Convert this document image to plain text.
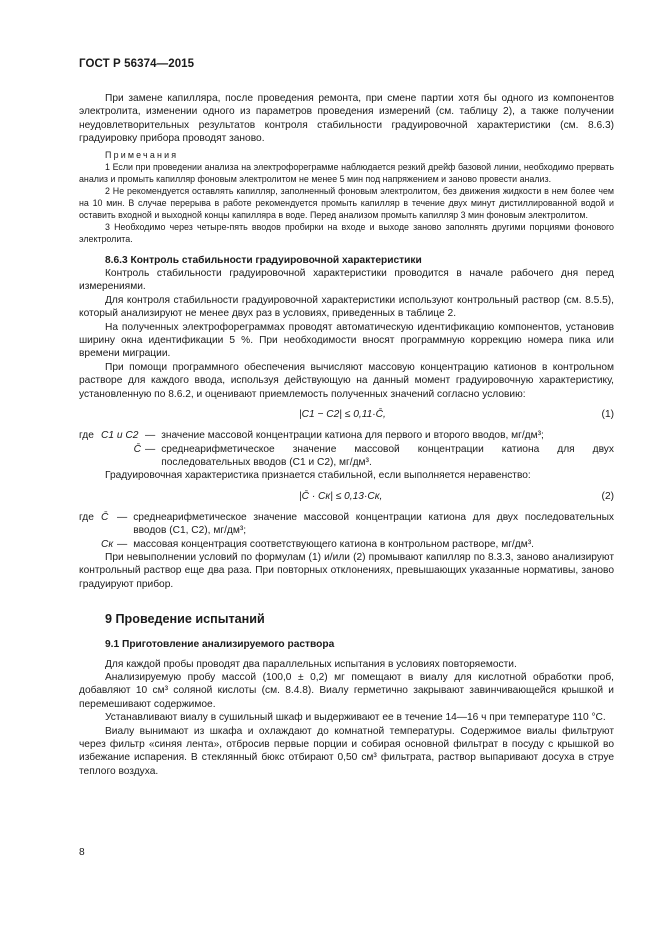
ГОСТ Р 56374—2015

При замене капилляра, после проведения ремонта, при смене партии хотя бы одного из компонентов электролита, изменении одного из параметров проведения измерений (см. таблицу 2), а также получении неудовлетворительных результатов контроля стабильности градуировочной характеристики (см. 8.6.3) градуировку прибора проводят заново.

Примечания

1 Если при проведении анализа на электрофореграмме наблюдается резкий дрейф базовой линии, необходимо прервать анализ и промыть капилляр фоновым электролитом не менее 5 мин под напряжением и заново провести анализ.

2 Не рекомендуется оставлять капилляр, заполненный фоновым электролитом, без движения жидкости в нем более чем на 10 мин. В случае перерыва в работе рекомендуется промыть капилляр в течение двух минут дистиллированной водой и оставить входной и выходной концы капилляра в воде. Перед анализом промыть капилляр 3 мин фоновым электролитом.

3 Необходимо через четыре-пять вводов пробирки на входе и выходе заново заполнять другими порциями фонового электролита.

8.6.3 Контроль стабильности градуировочной характеристики

Контроль стабильности градуировочной характеристики проводится в начале рабочего дня перед измерениями.

Для контроля стабильности градуировочной характеристики используют контрольный раствор (см. 8.5.5), который анализируют не менее двух раз в условиях, приведенных в таблице 2.

На полученных электрофореграммах проводят автоматическую идентификацию компонентов, установив ширину окна идентификации 5 %. При необходимости вносят программную коррекцию номера пика или времени миграции.

При помощи программного обеспечения вычисляют массовую концентрацию катионов в контрольном растворе для каждого ввода, используя действующую на данный момент градуировочную характеристику, установленную по 8.6.2, и оценивают приемлемость полученных значений согласно условию:

|C1 − C2| ≤ 0,11·C̄,	(1)
где C1 и C2 — значение массовой концентрации катиона для первого и второго вводов, мг/дм³;
C̄ — среднеарифметическое значение массовой концентрации катиона для двух последовательных вводов (C1 и C2), мг/дм³.

Градуировочная характеристика признается стабильной, если выполняется неравенство:

|C̄ · Cк| ≤ 0,13·Cк,	(2)
где C̄ — среднеарифметическое значение массовой концентрации катиона для двух последовательных вводов (C1, C2), мг/дм³;
Cк — массовая концентрация соответствующего катиона в контрольном растворе, мг/дм³.

При невыполнении условий по формулам (1) и/или (2) промывают капилляр по 8.3.3, заново анализируют контрольный раствор еще два раза. При повторных отклонениях, превышающих указанные нормативы, заново градуируют прибор.

9 Проведение испытаний

9.1 Приготовление анализируемого раствора

Для каждой пробы проводят два параллельных испытания в условиях повторяемости.

Анализируемую пробу массой (100,0 ± 0,2) мг помещают в виалу для кислотной обработки проб, добавляют 10 см³ соляной кислоты (см. 8.4.8). Виалу герметично закрывают завинчивающейся крышкой и перемешивают содержимое.

Устанавливают виалу в сушильный шкаф и выдерживают ее в течение 14—16 ч при температуре 110 °С.

Виалу вынимают из шкафа и охлаждают до комнатной температуры. Содержимое виалы фильтруют через фильтр «синяя лента», отбросив первые порции и собирая основной фильтрат в посуду с крышкой во избежание испарения. В стеклянный бюкс отбирают 0,50 см³ фильтрата, раствор выпаривают досуха в струе теплого воздуха.

8
